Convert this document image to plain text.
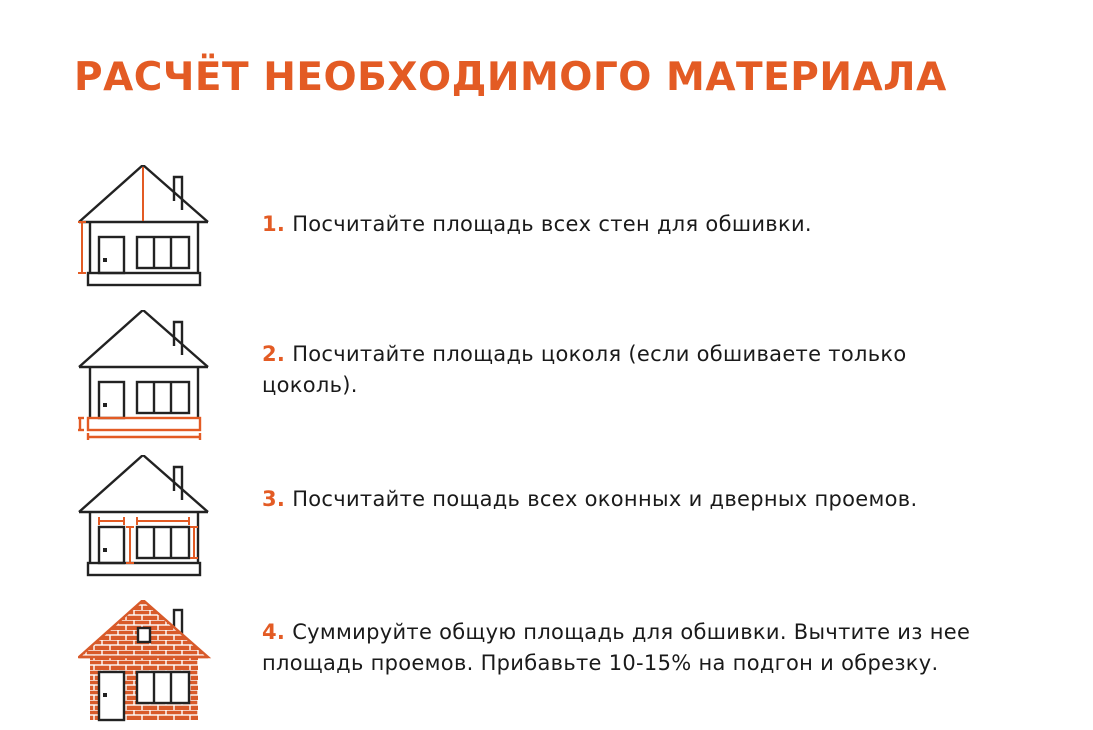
РАСЧЁТ НЕОБХОДИМОГО МАТЕРИАЛА

1. Посчитайте площадь всех стен для обшивки.

2. Посчитайте площадь цоколя (если обшиваете только цоколь).

3. Посчитайте пощадь всех оконных и дверных проемов.

4. Суммируйте общую площадь для обшивки. Вычтите из нее площадь проемов. Прибавьте 10-15% на подгон и обрезку.
